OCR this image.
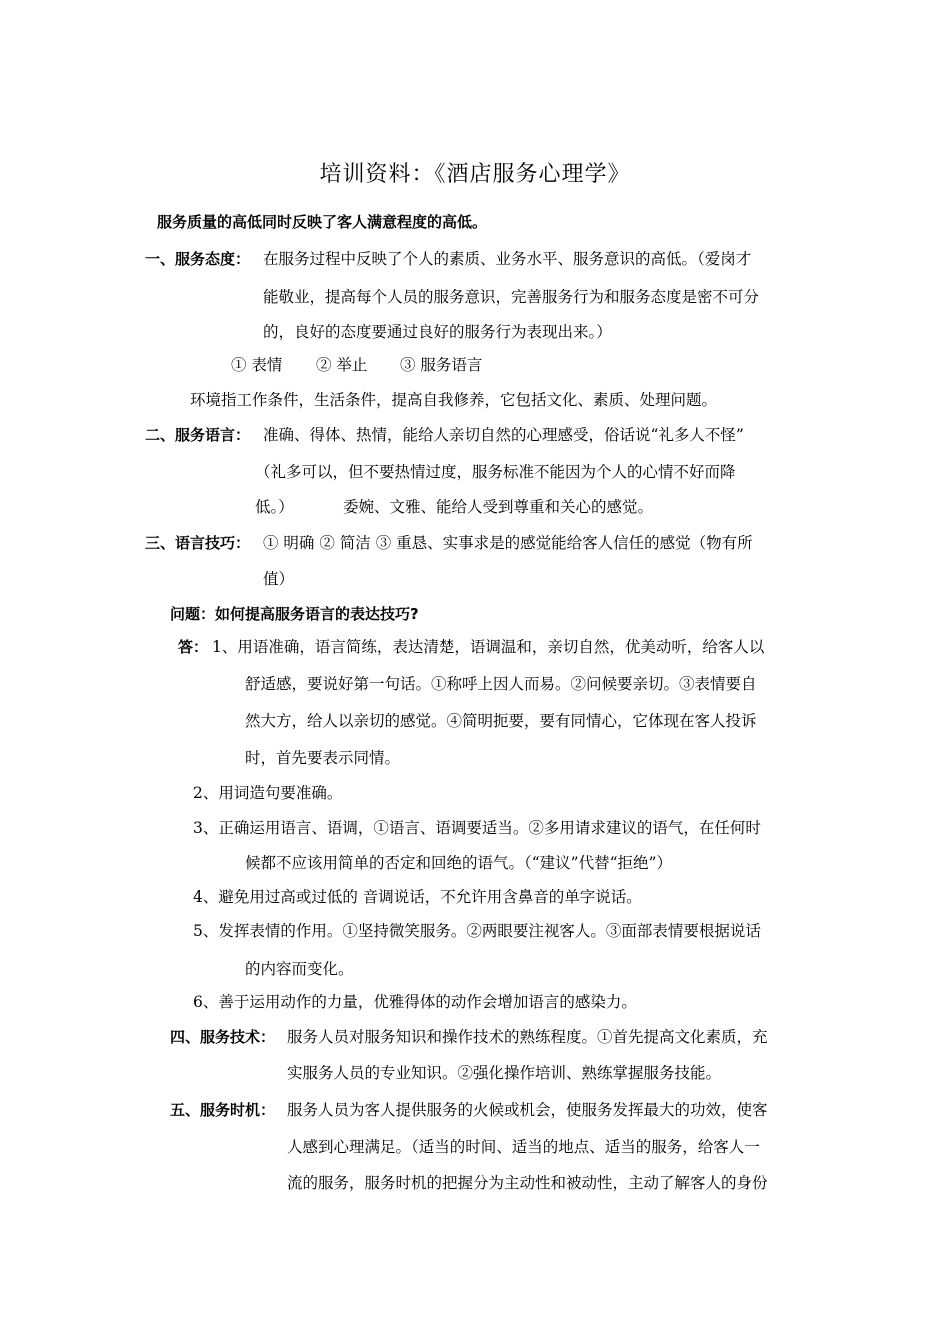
培训资料：《酒店服务心理学》
服务质量的高低同时反映了客人满意程度的高低。
一、服务态度： 在服务过程中反映了个人的素质、业务水平、服务意识的高低。（爱岗才
能敬业，提高每个人员的服务意识，完善服务行为和服务态度是密不可分
的，良好的态度要通过良好的服务行为表现出来。）
① 表情 ② 举止 ③ 服务语言
环境指工作条件，生活条件，提高自我修养，它包括文化、素质、处理问题。
二、服务语言： 准确、得体、热情，能给人亲切自然的心理感受，俗话说“礼多人不怪”
（礼多可以，但不要热情过度，服务标准不能因为个人的心情不好而降
低。）	委婉、文雅、能给人受到尊重和关心的感觉。
三、语言技巧： ① 明确 ② 简洁 ③ 重恳、实事求是的感觉能给客人信任的感觉（物有所
值）
问题：如何提高服务语言的表达技巧?
答： 1、用语准确，语言简练，表达清楚，语调温和，亲切自然，优美动听，给客人以
舒适感，要说好第一句话。①称呼上因人而易。②问候要亲切。③表情要自
然大方，给人以亲切的感觉。④简明扼要，要有同情心，它体现在客人投诉
时，首先要表示同情。
2、用词造句要准确。
3、正确运用语言、语调，①语言、语调要适当。②多用请求建议的语气，在任何时
候都不应该用简单的否定和回绝的语气。（“建议”代替“拒绝”）
4、避免用过高或过低的 音调说话，不允许用含鼻音的单字说话。
5、发挥表情的作用。①坚持微笑服务。②两眼要注视客人。③面部表情要根据说话
的内容而变化。
6、善于运用动作的力量，优雅得体的动作会增加语言的感染力。
四、服务技术： 服务人员对服务知识和操作技术的熟练程度。①首先提高文化素质，充
实服务人员的专业知识。②强化操作培训、熟练掌握服务技能。
五、服务时机： 服务人员为客人提供服务的火候或机会，使服务发挥最大的功效，使客
人感到心理满足。（适当的时间、适当的地点、适当的服务，给客人一
流的服务，服务时机的把握分为主动性和被动性，主动了解客人的身份
